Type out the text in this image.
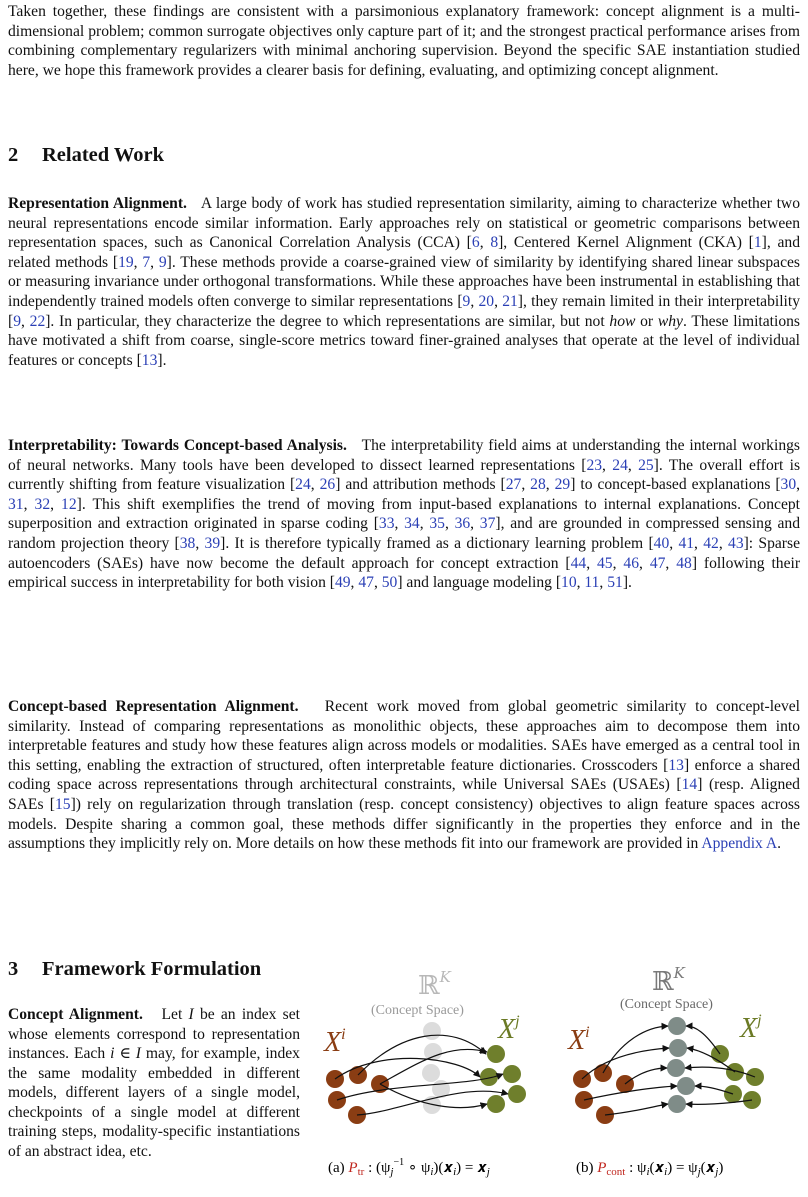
Taken together, these findings are consistent with a parsimonious explanatory framework: concept alignment is a multi-dimensional problem; common surrogate objectives only capture part of it; and the strongest practical performance arises from combining complementary regularizers with minimal anchoring supervision. Beyond the specific SAE instantiation studied here, we hope this framework provides a clearer basis for defining, evaluating, and optimizing concept alignment.

2 Related Work

Representation Alignment. A large body of work has studied representation similarity, aiming to characterize whether two neural representations encode similar information. Early approaches rely on statistical or geometric comparisons between representation spaces, such as Canonical Correlation Analysis (CCA) [6, 8], Centered Kernel Alignment (CKA) [1], and related methods [19, 7, 9]. These methods provide a coarse-grained view of similarity by identifying shared linear subspaces or measuring invariance under orthogonal transformations. While these approaches have been instrumental in establishing that independently trained models often converge to similar representations [9, 20, 21], they remain limited in their interpretability [9, 22]. In particular, they characterize the degree to which representations are similar, but not how or why. These limitations have motivated a shift from coarse, single-score metrics toward finer-grained analyses that operate at the level of individual features or concepts [13].

Interpretability: Towards Concept-based Analysis. The interpretability field aims at understanding the internal workings of neural networks. Many tools have been developed to dissect learned representations [23, 24, 25]. The overall effort is currently shifting from feature visualization [24, 26] and attribution methods [27, 28, 29] to concept-based explanations [30, 31, 32, 12]. This shift exemplifies the trend of moving from input-based explanations to internal explanations. Concept superposition and extraction originated in sparse coding [33, 34, 35, 36, 37], and are grounded in compressed sensing and random projection theory [38, 39]. It is therefore typically framed as a dictionary learning problem [40, 41, 42, 43]: Sparse autoencoders (SAEs) have now become the default approach for concept extraction [44, 45, 46, 47, 48] following their empirical success in interpretability for both vision [49, 47, 50] and language modeling [10, 11, 51].

Concept-based Representation Alignment. Recent work moved from global geometric similarity to concept-level similarity. Instead of comparing representations as monolithic objects, these approaches aim to decompose them into interpretable features and study how these features align across models or modalities. SAEs have emerged as a central tool in this setting, enabling the extraction of structured, often interpretable feature dictionaries. Crosscoders [13] enforce a shared coding space across representations through architectural constraints, while Universal SAEs (USAEs) [14] (resp. Aligned SAEs [15]) rely on regularization through translation (resp. concept consistency) objectives to align feature spaces across models. Despite sharing a common goal, these methods differ significantly in the properties they enforce and in the assumptions they implicitly rely on. More details on how these methods fit into our framework are provided in Appendix A.

3 Framework Formulation

Concept Alignment. Let I be an index set whose elements correspond to representation instances. Each i ∈ I may, for example, index the same modality embedded in different models, different layers of a single model, checkpoints of a single model at different training steps, modality-specific instantiations of an abstract idea, etc.

ℝ$^K$
(Concept Space)
$X^i$	$X^j$
(a) $P_{tr}$ : ($\psi_j^{-1}$ ∘ $\psi_i)(𝒙_i)$ = 𝒙$_j$
ℝ$^K$
(Concept Space)
$X^i$	$X^j$
(b) $P_{cont}$ : $\psi_i(𝒙_i)$ = $\psi_j(𝒙_j)$
